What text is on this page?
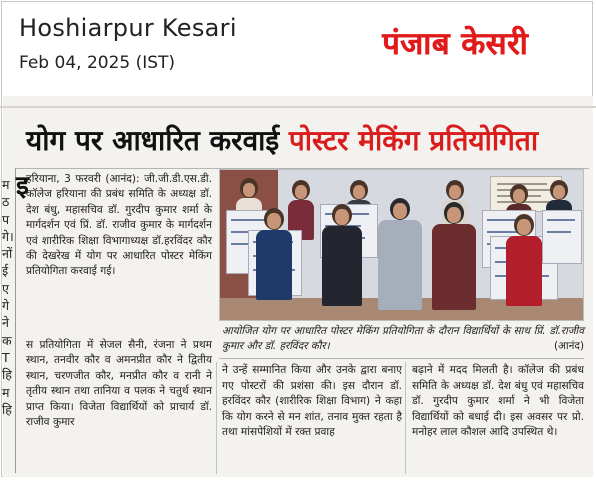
Hoshiarpur Kesari
Feb 04, 2025 (IST)
पंजाब केसरी
योग पर आधारित करवाई पोस्टर मेकिंग प्रतियोगिता
म
ठ
प
गे।
नों
ई
ए
गे
ने
क
T
हि
म
हि

हरियाना, 3 फरवरी (आनंद): जी.जी.डी.एस.डी. कॉलेज हरियाना की प्रबंध समिति के अध्यक्ष डॉ. देश बंधु, महासचिव डॉ. गुरदीप कुमार शर्मा के मार्गदर्शन एवं प्रिं. डॉ. राजीव कुमार के मार्गदर्शन एवं शारीरिक शिक्षा विभागाध्यक्ष डॉ.हरविंदर कौर की देखरेख में योग पर आधारित पोस्टर मेकिंग प्रतियोगिता करवाई गई।

स प्रतियोगिता में सेजल सैनी, रंजना ने प्रथम स्थान, तनवीर कौर व अमनप्रीत कौर ने द्वितीय स्थान, चरणजीत कौर, मनप्रीत कौर व रानी ने तृतीय स्थान तथा तानिया व पलक ने चतुर्थ स्थान प्राप्त किया। विजेता विद्यार्थियों को प्राचार्य डॉ. राजीव कुमार

इ
आयोजित योग पर आधारित पोस्टर मेकिंग प्रतियोगिता के दौरान विद्यार्थियों के साथ प्रिं. डॉ.राजीव कुमार और डॉ. हरविंदर कौर।	(आनंद)

ने उन्हें सम्मानित किया और उनके द्वारा बनाए गए पोस्टरों की प्रशंसा की। इस दौरान डॉ. हरविंदर कौर (शारीरिक शिक्षा विभाग) ने कहा कि योग करने से मन शांत, तनाव मुक्त रहता है तथा मांसपेशियों में रक्त प्रवाह

बढ़ाने में मदद मिलती है। कॉलेज की प्रबंध समिति के अध्यक्ष डॉ. देश बंधु एवं महासचिव डॉ. गुरदीप कुमार शर्मा ने भी विजेता विद्यार्थियों को बधाई दी। इस अवसर पर प्रो. मनोहर लाल कौशल आदि उपस्थित थे।
